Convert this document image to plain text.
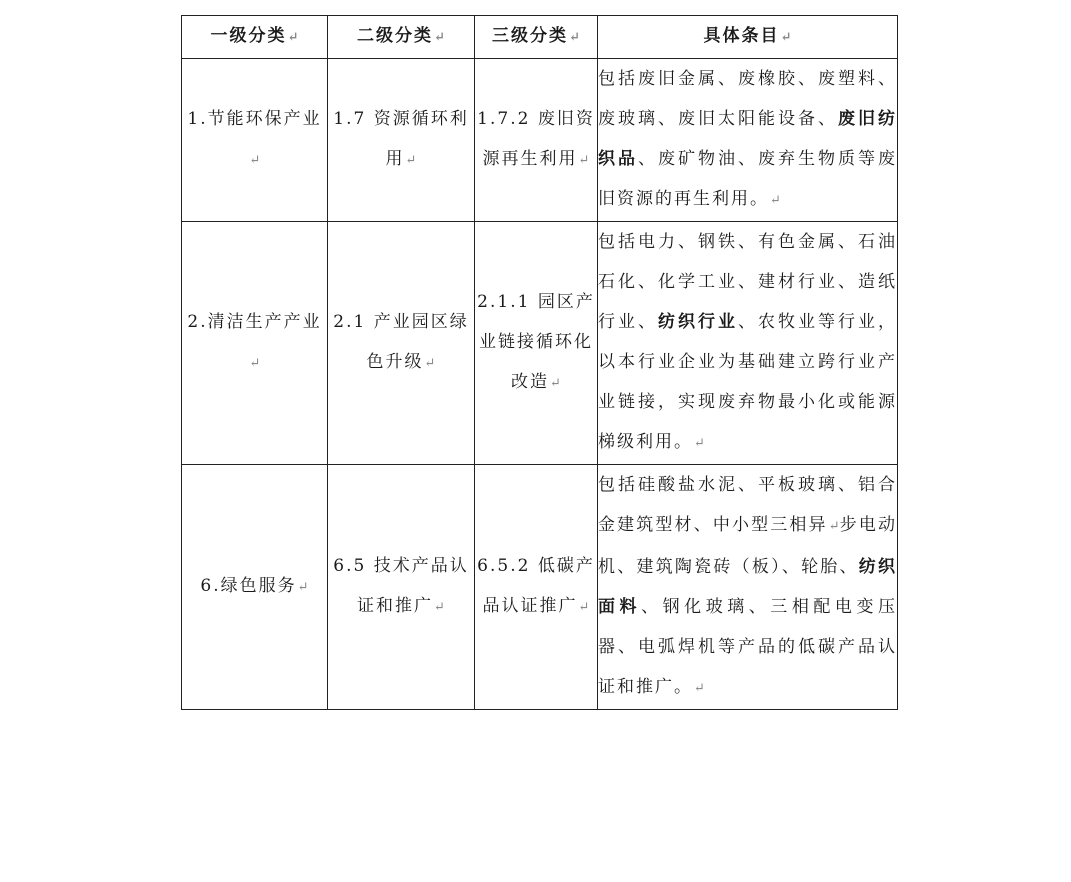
一级分类↵	二级分类↵	三级分类↵	具体条目↵
1.节能环保产业↵	1.7 资源循环利用↵	1.7.2 废旧资源再生利用↵	包括废旧金属、废橡胶、废塑料、废玻璃、废旧太阳能设备、废旧纺织品、废矿物油、废弃生物质等废旧资源的再生利用。↵
2.清洁生产产业↵	2.1 产业园区绿色升级↵	2.1.1 园区产业链接循环化改造↵	包括电力、钢铁、有色金属、石油石化、化学工业、建材行业、造纸行业、纺织行业、农牧业等行业，以本行业企业为基础建立跨行业产业链接，实现废弃物最小化或能源梯级利用。↵
6.绿色服务↵	6.5 技术产品认证和推广↵	6.5.2 低碳产品认证推广↵	包括硅酸盐水泥、平板玻璃、铝合金建筑型材、中小型三相异↵步电动机、建筑陶瓷砖（板）、轮胎、纺织面料、钢化玻璃、三相配电变压器、电弧焊机等产品的低碳产品认证和推广。↵
